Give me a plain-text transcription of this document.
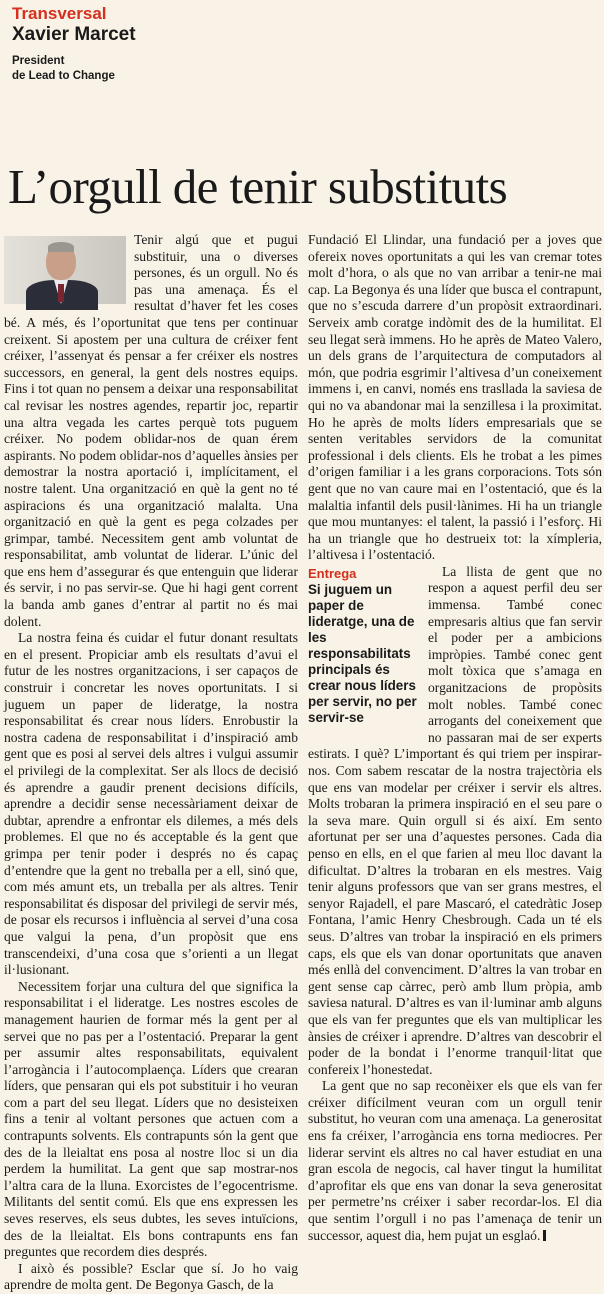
Transversal
Xavier Marcet
President
de Lead to Change
L’orgull de tenir substituts

Tenir algú que et pugui substituir, una o diverses persones, és un orgull. No és pas una amenaça. És el resultat d’haver fet les coses bé. A més, és l’oportunitat que tens per continuar creixent. Si apostem per una cultura de créixer fent créixer, l’assenyat és pensar a fer créixer els nostres successors, en general, la gent dels nostres equips. Fins i tot quan no pensem a deixar una responsabilitat cal revisar les nostres agendes, repartir joc, repartir una altra vegada les cartes perquè tots puguem créixer. No podem oblidar-nos de quan érem aspirants. No podem oblidar-nos d’aquelles ànsies per demostrar la nostra aportació i, implícitament, el nostre talent. Una organització en què la gent no té aspiracions és una organització malalta. Una organització en què la gent es pega colzades per grimpar, també. Necessitem gent amb voluntat de responsabilitat, amb voluntat de liderar. L’únic del que ens hem d’assegurar és que entenguin que liderar és servir, i no pas servir-se. Que hi hagi gent corrent la banda amb ganes d’entrar al partit no és mai dolent.

La nostra feina és cuidar el futur donant resultats en el present. Propiciar amb els resultats d’avui el futur de les nostres organitzacions, i ser capaços de construir i concretar les noves oportunitats. I si juguem un paper de lideratge, la nostra responsabilitat és crear nous líders. Enrobustir la nostra cadena de responsabilitat i d’inspiració amb gent que es posi al servei dels altres i vulgui assumir el privilegi de la complexitat. Ser als llocs de decisió és aprendre a gaudir prenent decisions difícils, aprendre a decidir sense necessàriament deixar de dubtar, aprendre a enfrontar els dilemes, a més dels problemes. El que no és acceptable és la gent que grimpa per tenir poder i després no és capaç d’entendre que la gent no treballa per a ell, sinó que, com més amunt ets, un treballa per als altres. Tenir responsabilitat és disposar del privilegi de servir més, de posar els recursos i influència al servei d’una cosa que valgui la pena, d’un propòsit que ens transcendeixi, d’una cosa que s’orienti a un llegat il·lusionant.

Necessitem forjar una cultura del que significa la responsabilitat i el lideratge. Les nostres escoles de management haurien de formar més la gent per al servei que no pas per a l’ostentació. Preparar la gent per assumir altes responsabilitats, equivalent l’arrogància i l’autocomplaença. Líders que crearan líders, que pensaran qui els pot substituir i ho veuran com a part del seu llegat. Líders que no desisteixen fins a tenir al voltant persones que actuen com a contrapunts solvents. Els contrapunts són la gent que des de la lleialtat ens posa al nostre lloc si un dia perdem la humilitat. La gent que sap mostrar-nos l’altra cara de la lluna. Exorcistes de l’egocentrisme. Militants del sentit comú. Els que ens expressen les seves reserves, els seus dubtes, les seves intuïcions, des de la lleialtat. Els bons contrapunts ens fan preguntes que recordem dies després.

I això és possible? Esclar que sí. Jo ho vaig aprendre de molta gent. De Begonya Gasch, de la

Fundació El Llindar, una fundació per a joves que ofereix noves oportunitats a qui les van cremar totes molt d’hora, o als que no van arribar a tenir-ne mai cap. La Begonya és una líder que busca el contrapunt, que no s’escuda darrere d’un propòsit extraordinari. Serveix amb coratge indòmit des de la humilitat. El seu llegat serà immens. Ho he après de Mateo Valero, un dels grans de l’arquitectura de computadors al món, que podria esgrimir l’altivesa d’un coneixement immens i, en canvi, només ens trasllada la saviesa de qui no va abandonar mai la senzillesa i la proximitat. Ho he après de molts líders empresarials que se senten veritables servidors de la comunitat professional i dels clients. Els he trobat a les pimes d’origen familiar i a les grans corporacions. Tots són gent que no van caure mai en l’ostentació, que és la malaltia infantil dels pusil·lànimes. Hi ha un triangle que mou muntanyes: el talent, la passió i l’esforç. Hi ha un triangle que ho destrueix tot: la xímpleria, l’altivesa i l’ostentació.

Entrega
Si juguem un paper de lideratge, una de les responsabilitats principals és crear nous líders per servir, no per servir-se

La llista de gent que no respon a aquest perfil deu ser immensa. També conec empresaris altius que fan servir el poder per a ambicions impròpies. També conec gent molt tòxica que s’amaga en organitzacions de propòsits molt nobles. També conec arrogants del coneixement que no passaran mai de ser experts estirats. I què? L’important és qui triem per inspirar-nos. Com sabem rescatar de la nostra trajectòria els que ens van modelar per créixer i servir els altres. Molts trobaran la primera inspiració en el seu pare o la seva mare. Quin orgull si és així. Em sento afortunat per ser una d’aquestes persones. Cada dia penso en ells, en el que farien al meu lloc davant la dificultat. D’altres la trobaran en els mestres. Vaig tenir alguns professors que van ser grans mestres, el senyor Rajadell, el pare Mascaró, el catedràtic Josep Fontana, l’amic Henry Chesbrough. Cada un té els seus. D’altres van trobar la inspiració en els primers caps, els que els van donar oportunitats que anaven més enllà del convenciment. D’altres la van trobar en gent sense cap càrrec, però amb llum pròpia, amb saviesa natural. D’altres es van il·luminar amb alguns que els van fer preguntes que els van multiplicar les ànsies de créixer i aprendre. D’altres van descobrir el poder de la bondat i l’enorme tranquil·litat que confereix l’honestedat.

La gent que no sap reconèixer els que els van fer créixer difícilment veuran com un orgull tenir substitut, ho veuran com una amenaça. La generositat ens fa créixer, l’arrogància ens torna mediocres. Per liderar servint els altres no cal haver estudiat en una gran escola de negocis, cal haver tingut la humilitat d’aprofitar els que ens van donar la seva generositat per permetre’ns créixer i saber recordar-los. El dia que sentim l’orgull i no pas l’amenaça de tenir un successor, aquest dia, hem pujat un esglaó.
